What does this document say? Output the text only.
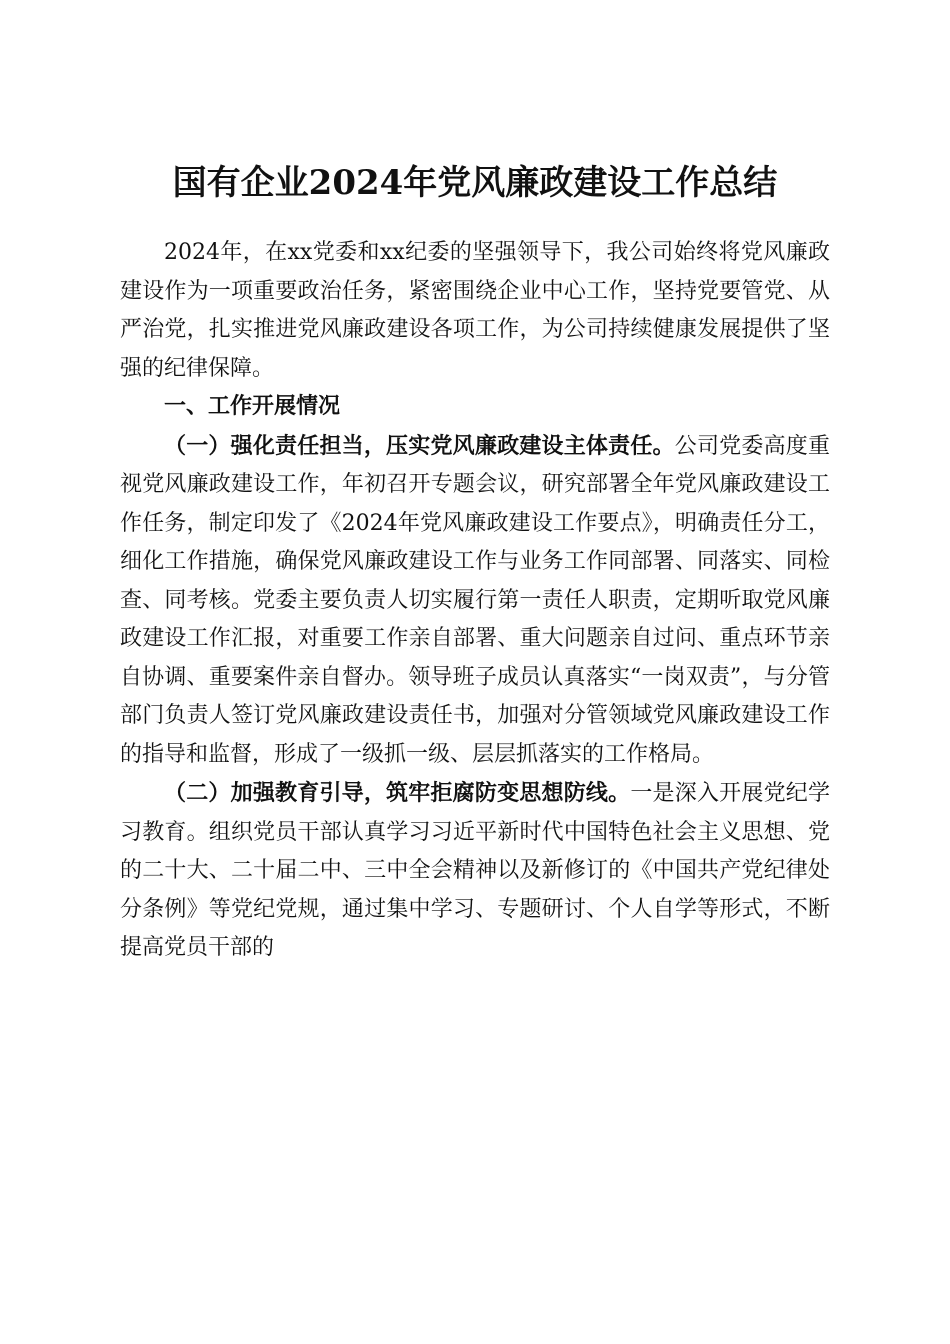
国有企业2024年党风廉政建设工作总结

2024年，在xx党委和xx纪委的坚强领导下，我公司始终将党风廉政建设作为一项重要政治任务，紧密围绕企业中心工作，坚持党要管党、从严治党，扎实推进党风廉政建设各项工作，为公司持续健康发展提供了坚强的纪律保障。

一、工作开展情况

（一）强化责任担当，压实党风廉政建设主体责任。公司党委高度重视党风廉政建设工作，年初召开专题会议，研究部署全年党风廉政建设工作任务，制定印发了《2024年党风廉政建设工作要点》，明确责任分工，细化工作措施，确保党风廉政建设工作与业务工作同部署、同落实、同检查、同考核。党委主要负责人切实履行第一责任人职责，定期听取党风廉政建设工作汇报，对重要工作亲自部署、重大问题亲自过问、重点环节亲自协调、重要案件亲自督办。领导班子成员认真落实“一岗双责”，与分管部门负责人签订党风廉政建设责任书，加强对分管领域党风廉政建设工作的指导和监督，形成了一级抓一级、层层抓落实的工作格局。

（二）加强教育引导，筑牢拒腐防变思想防线。一是深入开展党纪学习教育。组织党员干部认真学习习近平新时代中国特色社会主义思想、党的二十大、二十届二中、三中全会精神以及新修订的《中国共产党纪律处分条例》等党纪党规，通过集中学习、专题研讨、个人自学等形式，不断提高党员干部的
